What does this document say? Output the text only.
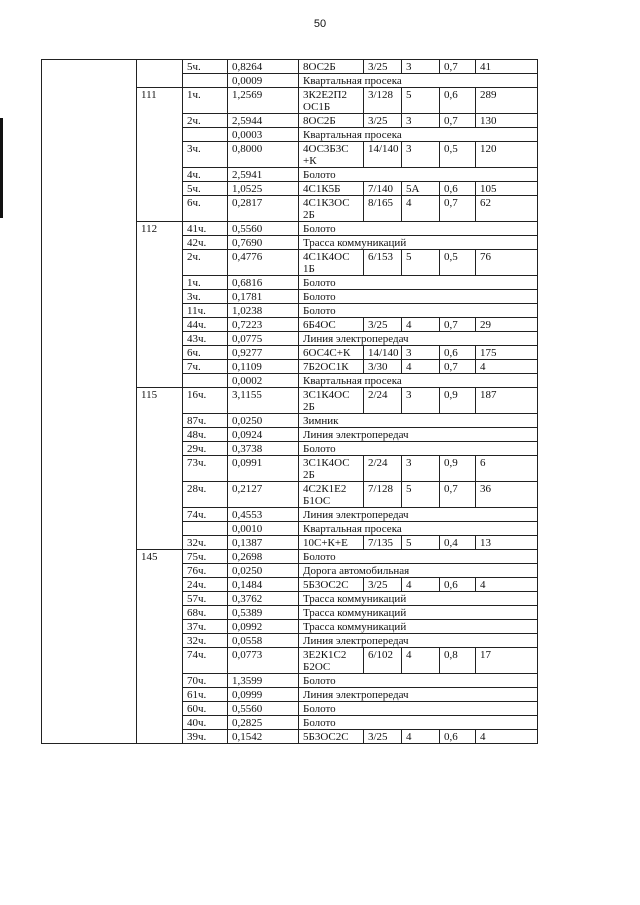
50
		5ч.	0,8264	8ОС2Б	3/25	3	0,7	41
			0,0009	Квартальная просека				
	111	1ч.	1,2569	3К2Е2П2 ОС1Б	3/128	5	0,6	289
		2ч.	2,5944	8ОС2Б	3/25	3	0,7	130
			0,0003	Квартальная просека				
		3ч.	0,8000	4ОС3Б3С +К	14/140	3	0,5	120
		4ч.	2,5941	Болото				
		5ч.	1,0525	4С1К5Б	7/140	5А	0,6	105
		6ч.	0,2817	4С1К3ОС 2Б	8/165	4	0,7	62
	112	41ч.	0,5560	Болото				
		42ч.	0,7690	Трасса коммуникаций				
		2ч.	0,4776	4С1К4ОС 1Б	6/153	5	0,5	76
		1ч.	0,6816	Болото				
		3ч.	0,1781	Болото				
		11ч.	1,0238	Болото				
		44ч.	0,7223	6Б4ОС	3/25	4	0,7	29
		43ч.	0,0775	Линия электропередач				
		6ч.	0,9277	6ОС4С+К	14/140	3	0,6	175
		7ч.	0,1109	7Б2ОС1К	3/30	4	0,7	4
			0,0002	Квартальная просека				
	115	16ч.	3,1155	3С1К4ОС 2Б	2/24	3	0,9	187
		87ч.	0,0250	Зимник				
		48ч.	0,0924	Линия электропередач				
		29ч.	0,3738	Болото				
		73ч.	0,0991	3С1К4ОС 2Б	2/24	3	0,9	6
		28ч.	0,2127	4С2К1Е2 Б1ОС	7/128	5	0,7	36
		74ч.	0,4553	Линия электропередач				
			0,0010	Квартальная просека				
		32ч.	0,1387	10С+К+Е	7/135	5	0,4	13
	145	75ч.	0,2698	Болото				
		76ч.	0,0250	Дорога автомобильная				
		24ч.	0,1484	5Б3ОС2С	3/25	4	0,6	4
		57ч.	0,3762	Трасса коммуникаций				
		68ч.	0,5389	Трасса коммуникаций				
		37ч.	0,0992	Трасса коммуникаций				
		32ч.	0,0558	Линия электропередач				
		74ч.	0,0773	3Е2К1С2 Б2ОС	6/102	4	0,8	17
		70ч.	1,3599	Болото				
		61ч.	0,0999	Линия электропередач				
		60ч.	0,5560	Болото				
		40ч.	0,2825	Болото				
		39ч.	0,1542	5Б3ОС2С	3/25	4	0,6	4
